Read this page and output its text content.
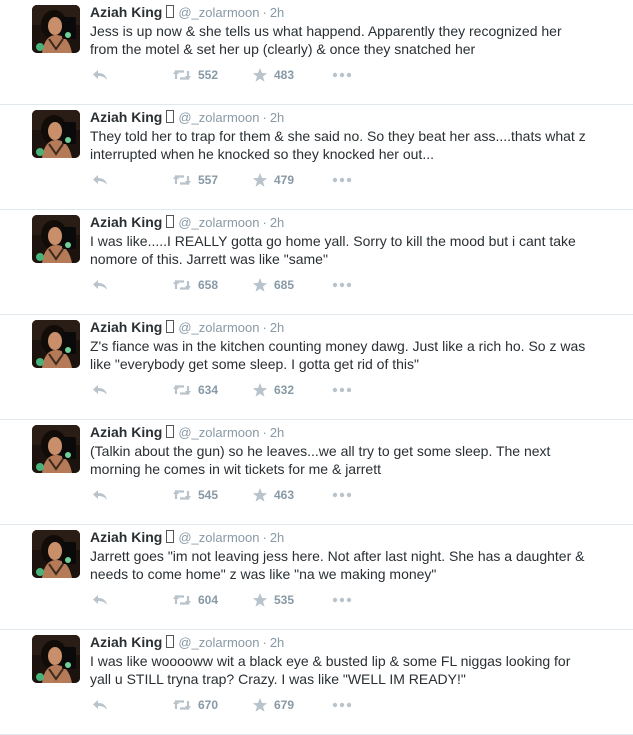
Aziah King @_zolarmoon · 2h
Jess is up now & she tells us what happend. Apparently they recognized her
from the motel & set her up (clearly) & once they snatched her
552	483
Aziah King @_zolarmoon · 2h
They told her to trap for them & she said no. So they beat her ass....thats what z
interrupted when he knocked so they knocked her out...
557	479
Aziah King @_zolarmoon · 2h
I was like.....I REALLY gotta go home yall. Sorry to kill the mood but i cant take
nomore of this. Jarrett was like "same"
658	685
Aziah King @_zolarmoon · 2h
Z's fiance was in the kitchen counting money dawg. Just like a rich ho. So z was
like "everybody get some sleep. I gotta get rid of this"
634	632
Aziah King @_zolarmoon · 2h
(Talkin about the gun) so he leaves...we all try to get some sleep. The next
morning he comes in wit tickets for me & jarrett
545	463
Aziah King @_zolarmoon · 2h
Jarrett goes "im not leaving jess here. Not after last night. She has a daughter &
needs to come home" z was like "na we making money"
604	535
Aziah King @_zolarmoon · 2h
I was like wooooww wit a black eye & busted lip & some FL niggas looking for
yall u STILL tryna trap? Crazy. I was like "WELL IM READY!"
670	679
